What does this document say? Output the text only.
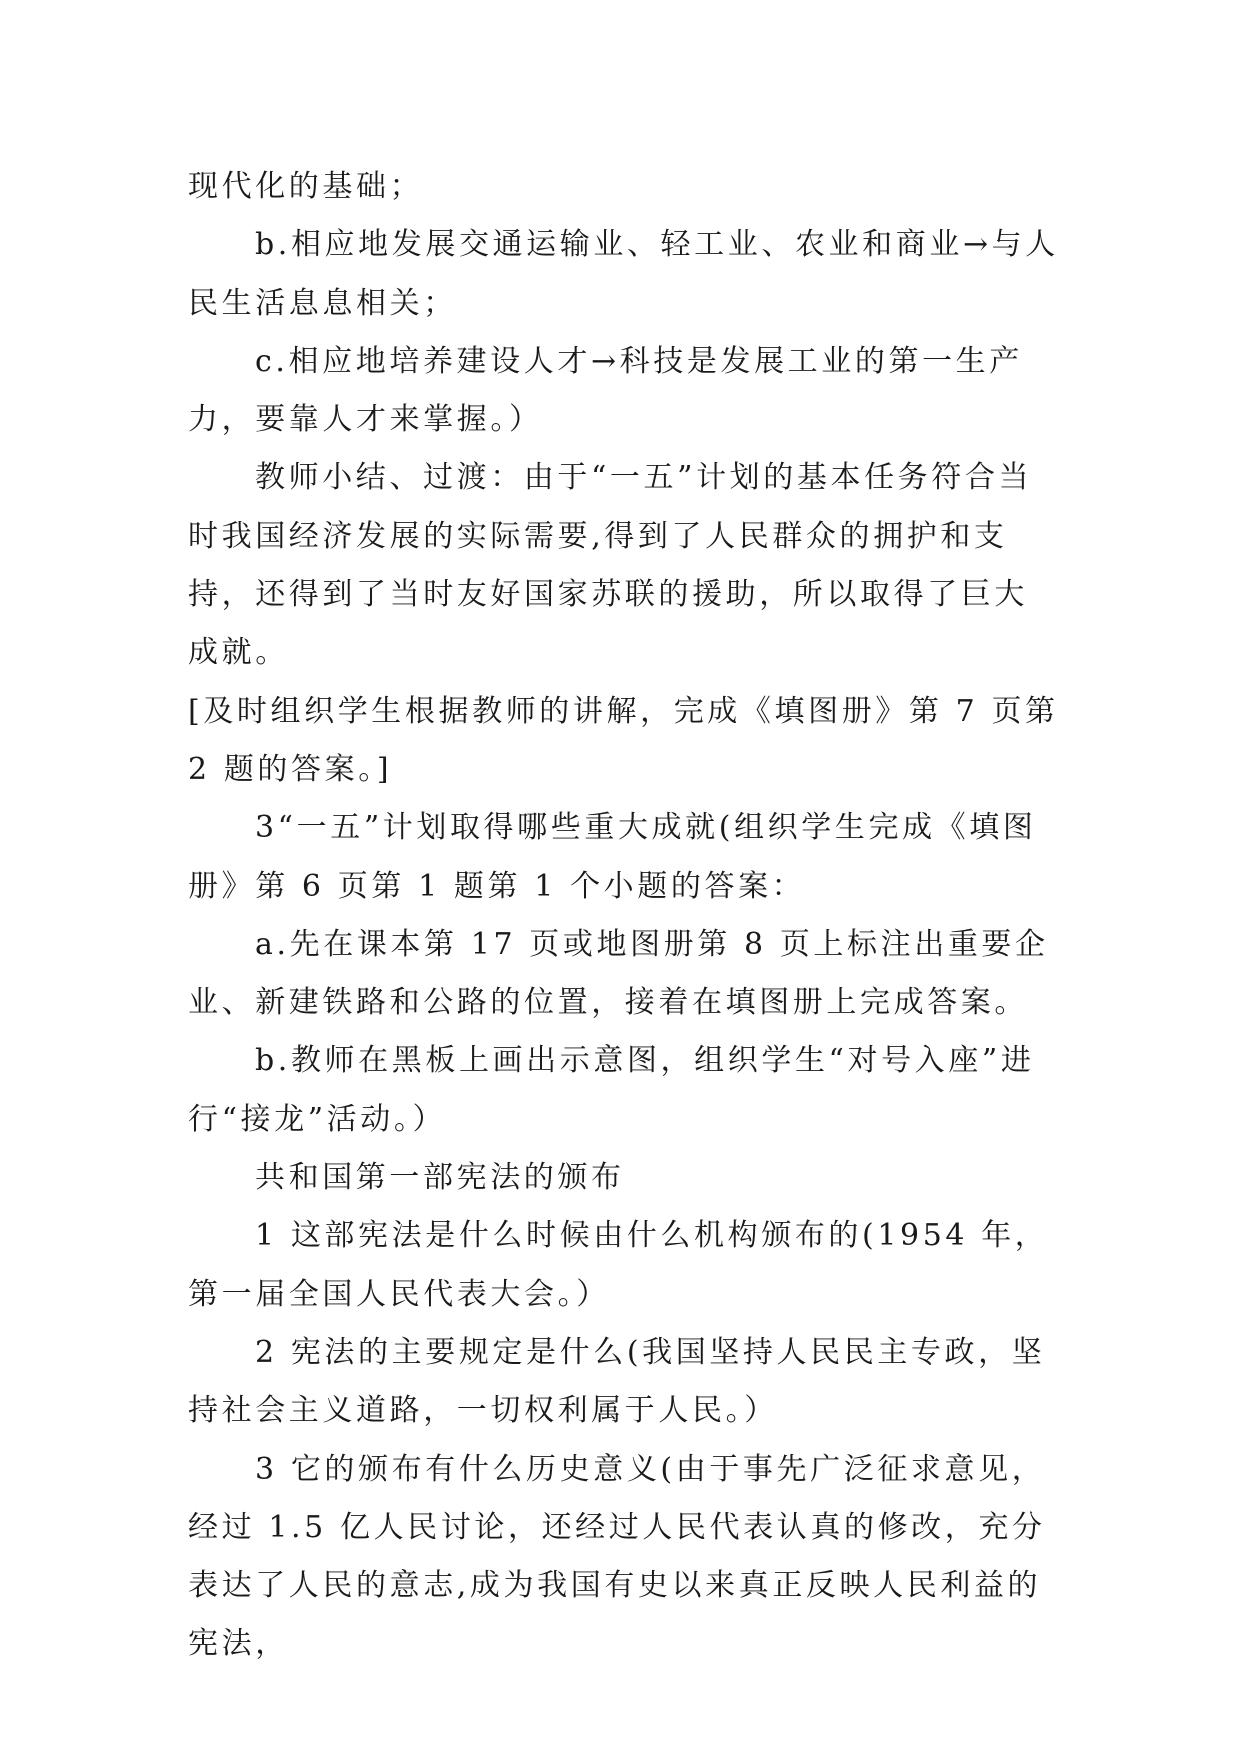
现代化的基础；

b.相应地发展交通运输业、轻工业、农业和商业→与人民生活息息相关；

c.相应地培养建设人才→科技是发展工业的第一生产力，要靠人才来掌握。）

教师小结、过渡：由于“一五”计划的基本任务符合当时我国经济发展的实际需要,得到了人民群众的拥护和支持，还得到了当时友好国家苏联的援助，所以取得了巨大成就。

[及时组织学生根据教师的讲解，完成《填图册》第 7 页第 2 题的答案。]

3“一五”计划取得哪些重大成就(组织学生完成《填图册》第 6 页第 1 题第 1 个小题的答案：

a.先在课本第 17 页或地图册第 8 页上标注出重要企业、新建铁路和公路的位置，接着在填图册上完成答案。

b.教师在黑板上画出示意图，组织学生“对号入座”进行“接龙”活动。）

共和国第一部宪法的颁布

1 这部宪法是什么时候由什么机构颁布的(1954 年，第一届全国人民代表大会。）

2 宪法的主要规定是什么(我国坚持人民民主专政，坚持社会主义道路，一切权利属于人民。）

3 它的颁布有什么历史意义(由于事先广泛征求意见，经过 1.5 亿人民讨论，还经过人民代表认真的修改，充分表达了人民的意志,成为我国有史以来真正反映人民利益的宪法，
